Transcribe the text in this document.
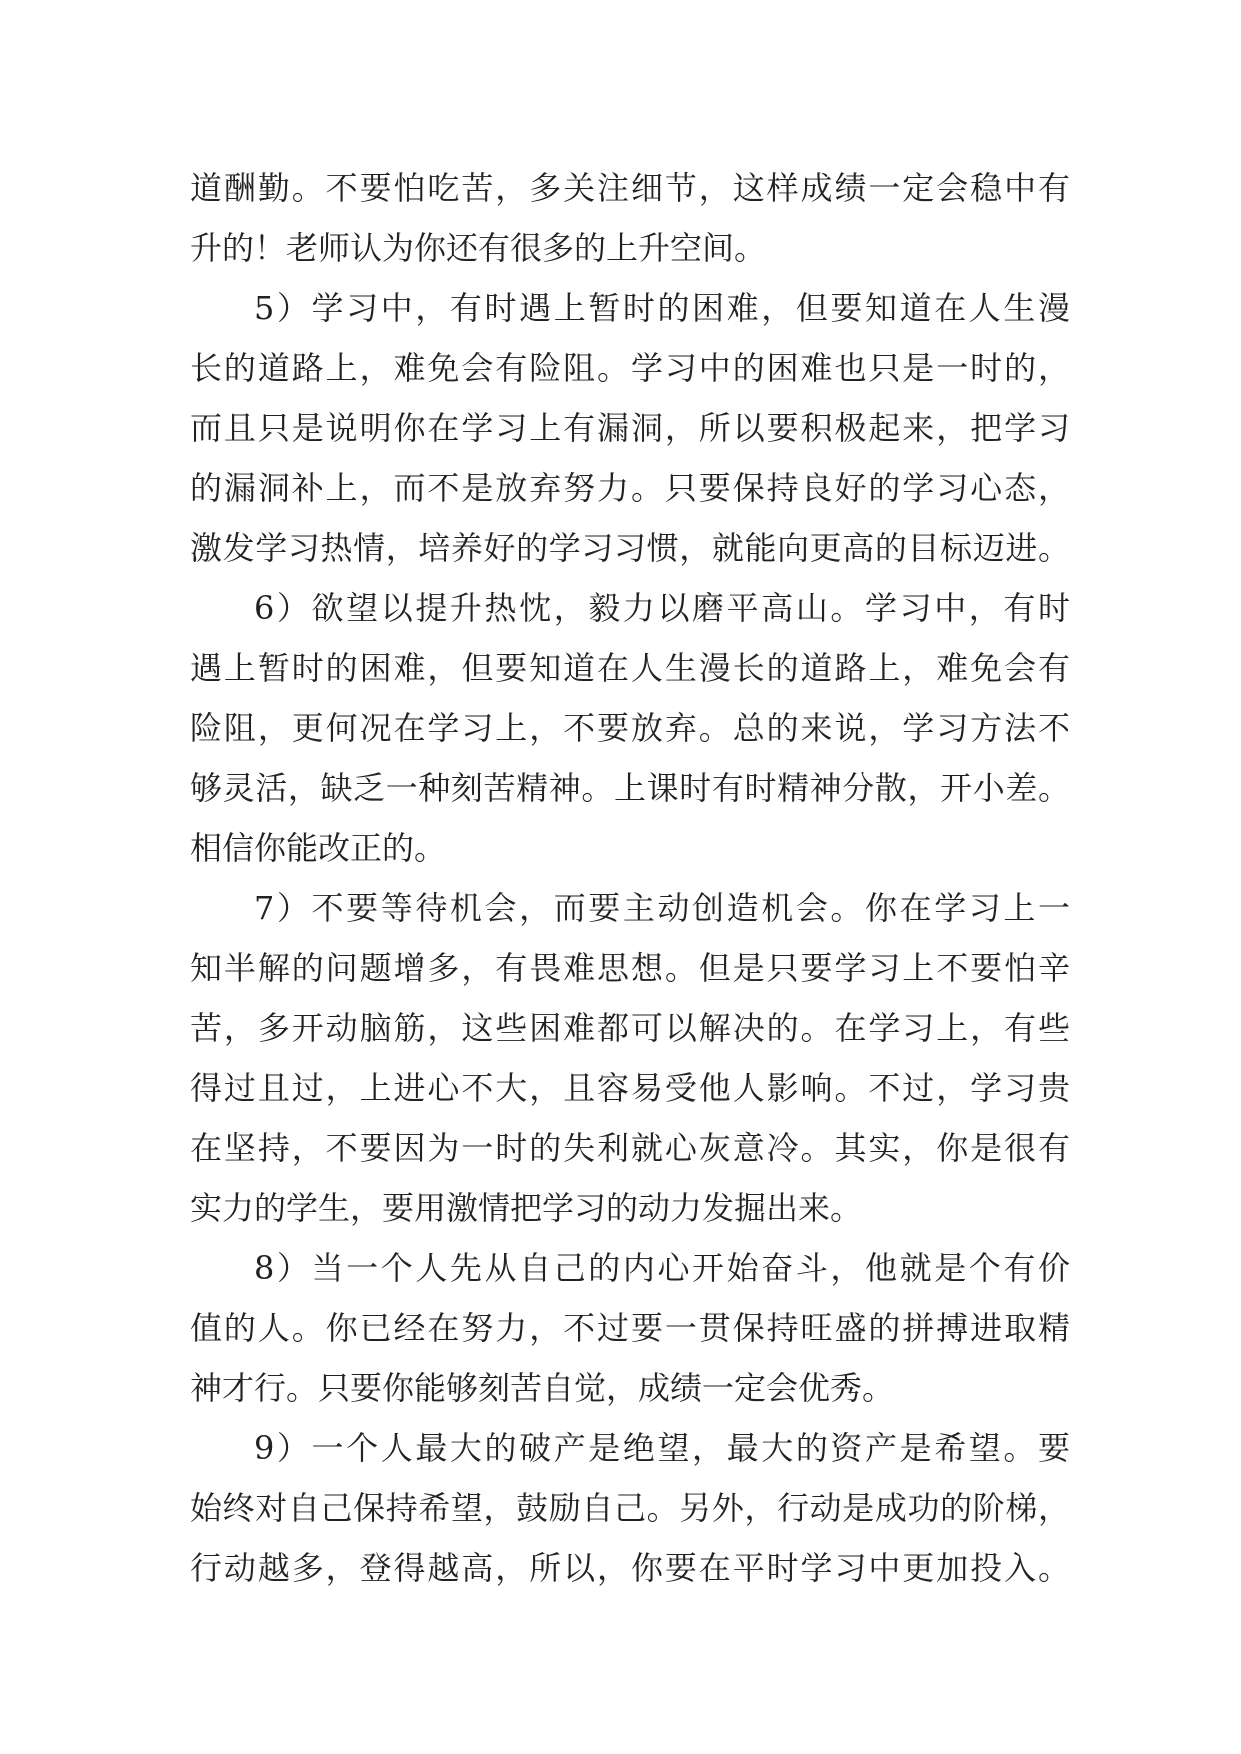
道酬勤。不要怕吃苦，多关注细节，这样成绩一定会稳中有
升的！老师认为你还有很多的上升空间。
5）学习中，有时遇上暂时的困难，但要知道在人生漫
长的道路上，难免会有险阻。学习中的困难也只是一时的，
而且只是说明你在学习上有漏洞，所以要积极起来，把学习
的漏洞补上，而不是放弃努力。只要保持良好的学习心态，
激发学习热情，培养好的学习习惯，就能向更高的目标迈进。
6）欲望以提升热忱，毅力以磨平高山。学习中，有时
遇上暂时的困难，但要知道在人生漫长的道路上，难免会有
险阻，更何况在学习上，不要放弃。总的来说，学习方法不
够灵活，缺乏一种刻苦精神。上课时有时精神分散，开小差。
相信你能改正的。
7）不要等待机会，而要主动创造机会。你在学习上一
知半解的问题增多，有畏难思想。但是只要学习上不要怕辛
苦，多开动脑筋，这些困难都可以解决的。在学习上，有些
得过且过，上进心不大，且容易受他人影响。不过，学习贵
在坚持，不要因为一时的失利就心灰意冷。其实，你是很有
实力的学生，要用激情把学习的动力发掘出来。
8）当一个人先从自己的内心开始奋斗，他就是个有价
值的人。你已经在努力，不过要一贯保持旺盛的拼搏进取精
神才行。只要你能够刻苦自觉，成绩一定会优秀。
9）一个人最大的破产是绝望，最大的资产是希望。要
始终对自己保持希望，鼓励自己。另外，行动是成功的阶梯，
行动越多，登得越高，所以，你要在平时学习中更加投入。
